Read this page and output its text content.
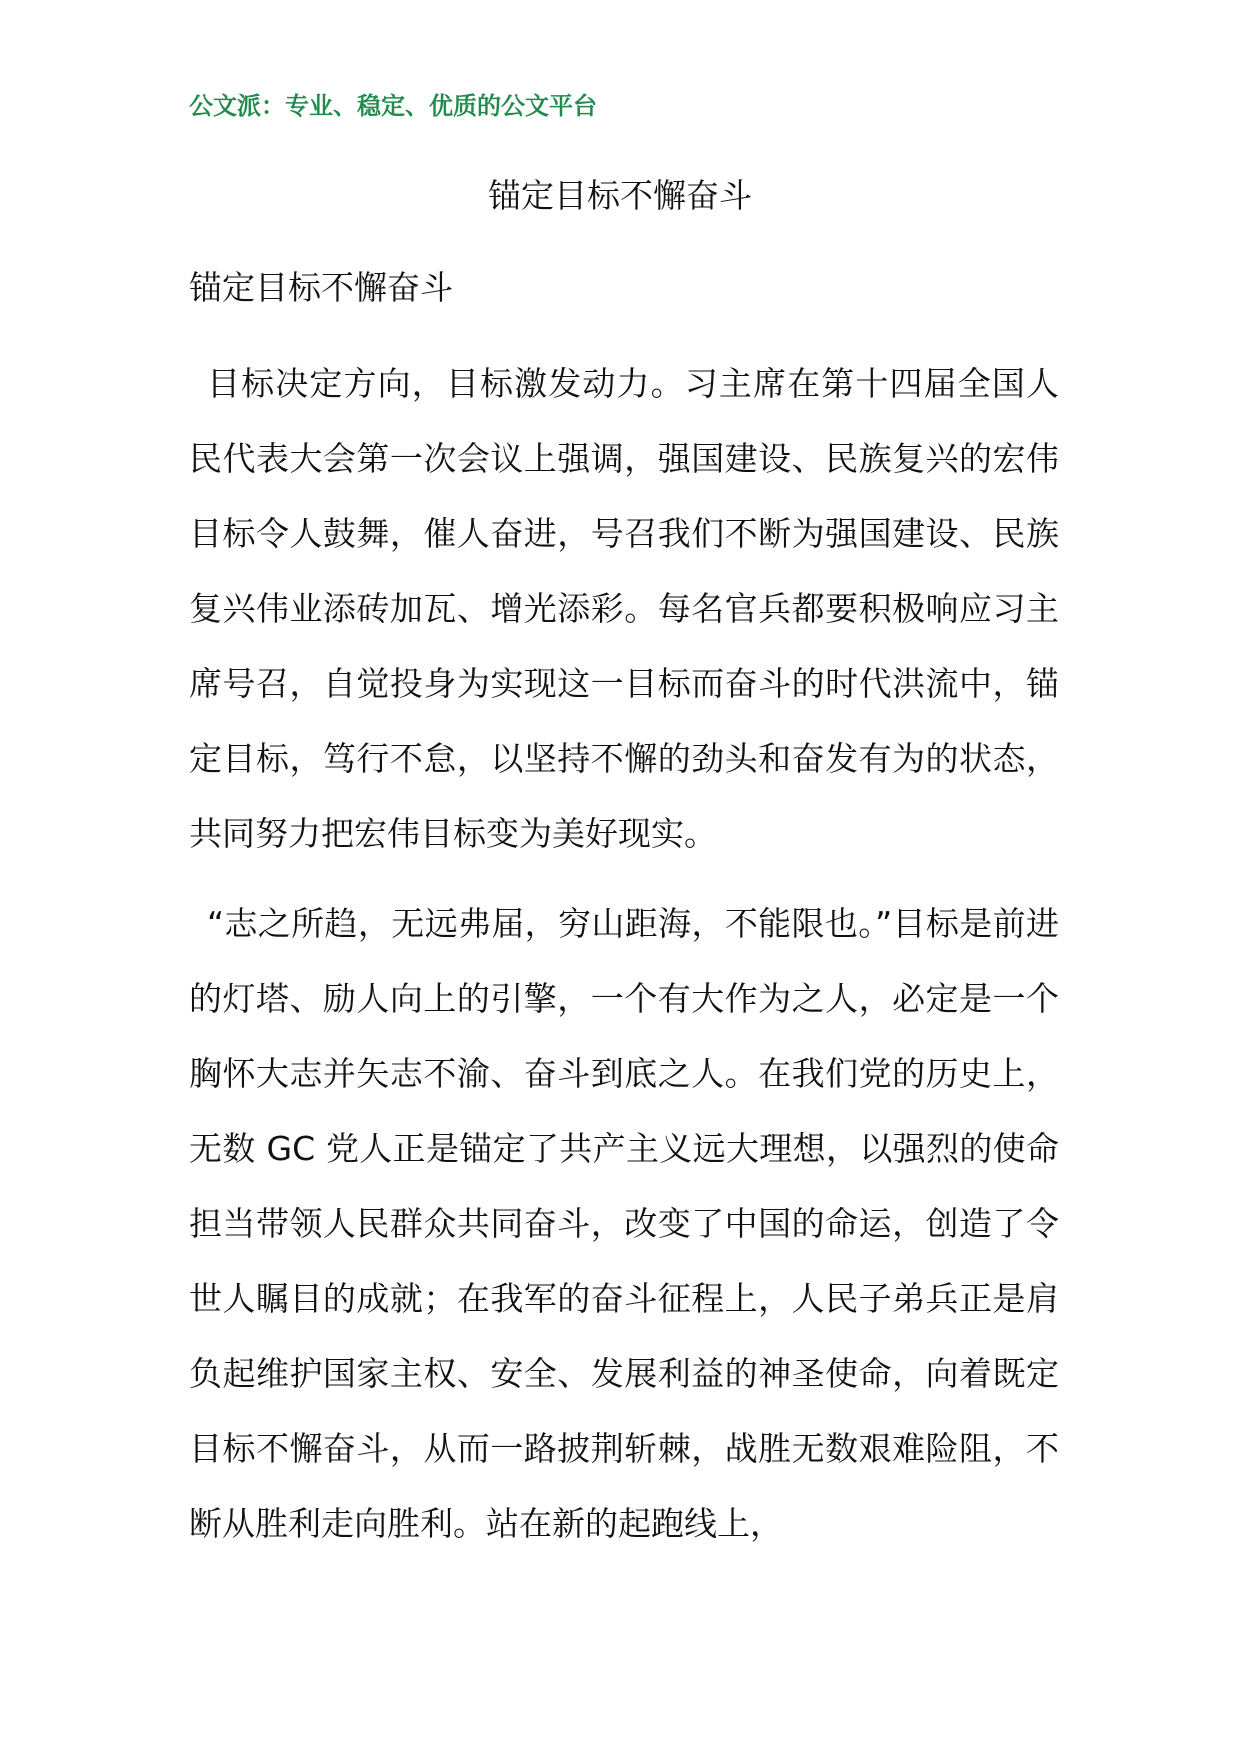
公文派：专业、稳定、优质的公文平台
锚定目标不懈奋斗
锚定目标不懈奋斗

目标决定方向，目标激发动力。习主席在第十四届全国人民代表大会第一次会议上强调，强国建设、民族复兴的宏伟目标令人鼓舞，催人奋进，号召我们不断为强国建设、民族复兴伟业添砖加瓦、增光添彩。每名官兵都要积极响应习主席号召，自觉投身为实现这一目标而奋斗的时代洪流中，锚定目标，笃行不怠，以坚持不懈的劲头和奋发有为的状态，共同努力把宏伟目标变为美好现实。

“志之所趋，无远弗届，穷山距海，不能限也。”目标是前进的灯塔、励人向上的引擎，一个有大作为之人，必定是一个胸怀大志并矢志不渝、奋斗到底之人。在我们党的历史上，无数 GC 党人正是锚定了共产主义远大理想，以强烈的使命担当带领人民群众共同奋斗，改变了中国的命运，创造了令世人瞩目的成就；在我军的奋斗征程上，人民子弟兵正是肩负起维护国家主权、安全、发展利益的神圣使命，向着既定目标不懈奋斗，从而一路披荆斩棘，战胜无数艰难险阻，不断从胜利走向胜利。站在新的起跑线上，
